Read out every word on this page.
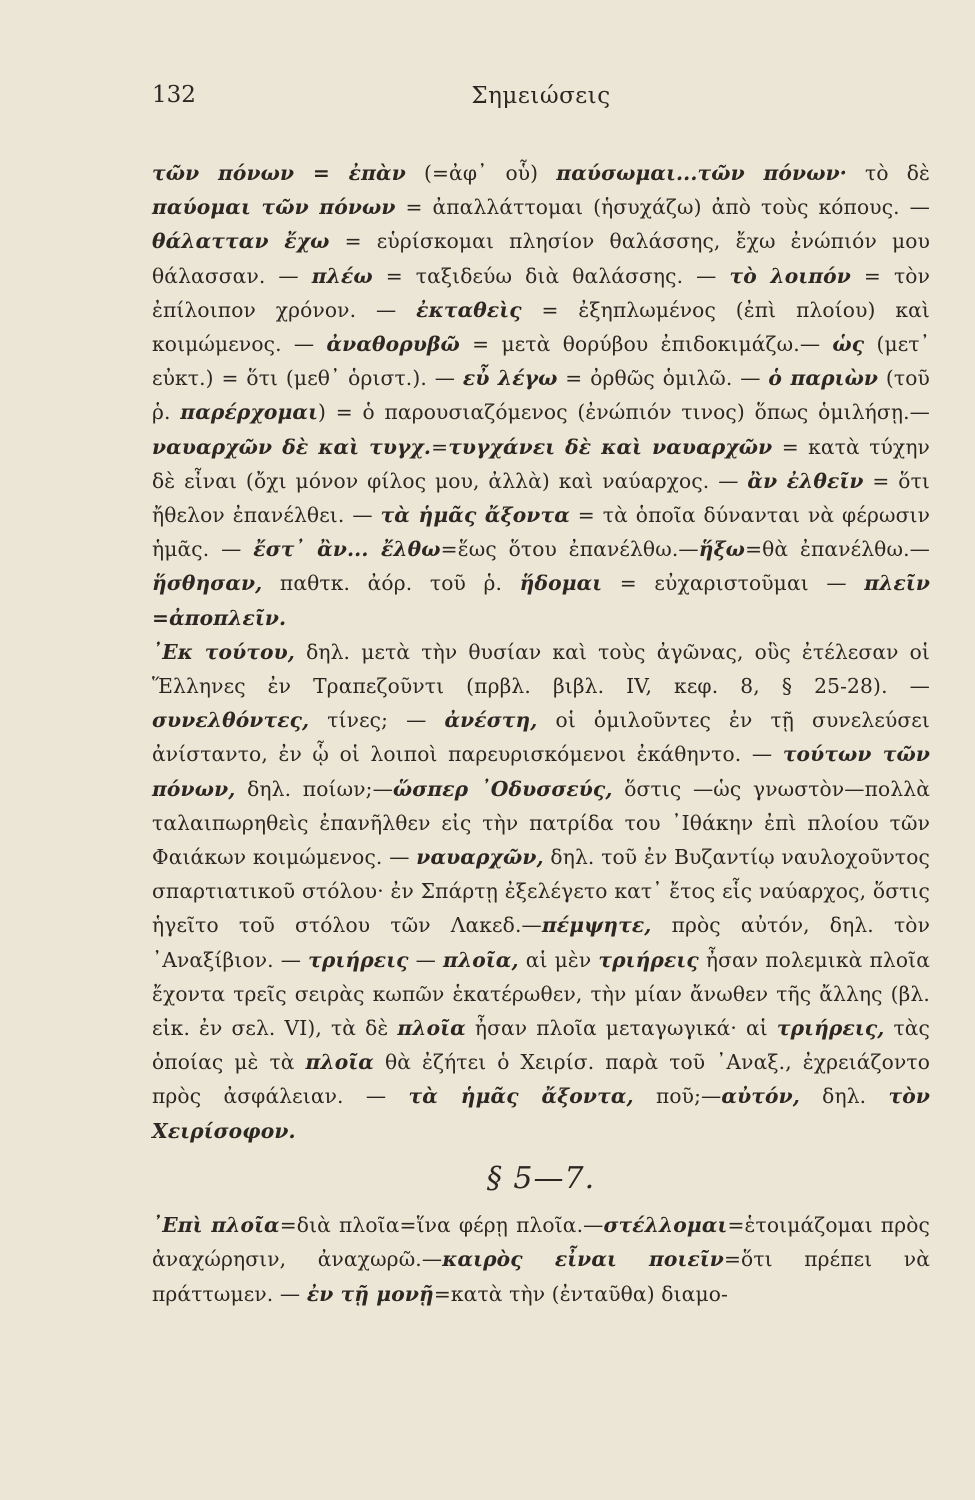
132	Σημειώσεις

τῶν πόνων = ἐπὰν (=ἀφ᾽ οὗ) παύσωμαι...τῶν πόνων· τὸ δὲ παύομαι τῶν πόνων = ἀπαλλάττομαι (ἡσυχάζω) ἀπὸ τοὺς κόπους. — θάλατταν ἔχω = εὑρίσκομαι πλησίον θαλάσσης, ἔχω ἐνώπιόν μου θάλασσαν. — πλέω = ταξιδεύω διὰ θαλάσσης. — τὸ λοιπόν = τὸν ἐπίλοιπον χρόνον. — ἐκταθεὶς = ἐξηπλωμένος (ἐπὶ πλοίου) καὶ κοιμώμενος. — ἀναθορυβῶ = μετὰ θορύβου ἐπιδοκιμάζω.— ὡς (μετ᾽ εὐκτ.) = ὅτι (μεθ᾽ ὁριστ.). — εὖ λέγω = ὀρθῶς ὁμιλῶ. — ὁ παριὼν (τοῦ ῥ. παρέρχομαι) = ὁ παρουσιαζόμενος (ἐνώπιόν τινος) ὅπως ὁμιλήσῃ.—ναυαρχῶν δὲ καὶ τυγχ.=τυγχάνει δὲ καὶ ναυαρχῶν = κατὰ τύχην δὲ εἶναι (ὄχι μόνον φίλος μου, ἀλλὰ) καὶ ναύαρχος. — ἂν ἐλθεῖν = ὅτι ἤθελον ἐπανέλθει. — τὰ ἡμᾶς ἄξοντα = τὰ ὁποῖα δύνανται νὰ φέρωσιν ἡμᾶς. — ἔστ᾽ ἂν... ἔλθω=ἕως ὅτου ἐπανέλθω.—ἥξω=θὰ ἐπανέλθω.— ἥσθησαν, παθτκ. ἀόρ. τοῦ ῥ. ἥδομαι = εὐχαριστοῦμαι — πλεῖν =ἀποπλεῖν.

᾿Εκ τούτου, δηλ. μετὰ τὴν θυσίαν καὶ τοὺς ἀγῶνας, οὓς ἐτέλεσαν οἱ Ἕλληνες ἐν Τραπεζοῦντι (πρβλ. βιβλ. IV, κεφ. 8, § 25-28). — συνελθόντες, τίνες; — ἀνέστη, οἱ ὁμιλοῦντες ἐν τῇ συνελεύσει ἀνίσταντο, ἐν ᾧ οἱ λοιποὶ παρευρισκόμενοι ἐκάθηντο. — τούτων τῶν πόνων, δηλ. ποίων;—ὥσπερ ᾿Οδυσσεύς, ὅστις —ὡς γνωστὸν—πολλὰ ταλαιπωρηθεὶς ἐπανῆλθεν εἰς τὴν πατρίδα του ᾿Ιθάκην ἐπὶ πλοίου τῶν Φαιάκων κοιμώμενος. — ναυαρχῶν, δηλ. τοῦ ἐν Βυζαντίῳ ναυλοχοῦντος σπαρτιατικοῦ στόλου· ἐν Σπάρτῃ ἐξελέγετο κατ᾽ ἔτος εἷς ναύαρχος, ὅστις ἡγεῖτο τοῦ στόλου τῶν Λακεδ.—πέμψητε, πρὸς αὐτόν, δηλ. τὸν ᾿Αναξίβιον. — τριήρεις — πλοῖα, αἱ μὲν τριήρεις ἦσαν πολεμικὰ πλοῖα ἔχοντα τρεῖς σειρὰς κωπῶν ἑκατέρωθεν, τὴν μίαν ἄνωθεν τῆς ἄλλης (βλ. εἰκ. ἐν σελ. VI), τὰ δὲ πλοῖα ἦσαν πλοῖα μεταγωγικά· αἱ τριήρεις, τὰς ὁποίας μὲ τὰ πλοῖα θὰ ἐζήτει ὁ Χειρίσ. παρὰ τοῦ ᾿Αναξ., ἐχρειάζοντο πρὸς ἀσφάλειαν. — τὰ ἡμᾶς ἄξοντα, ποῦ;—αὐτόν, δηλ. τὸν Χειρίσοφον.

§ 5—7.

᾿Επὶ πλοῖα=διὰ πλοῖα=ἵνα φέρῃ πλοῖα.—στέλλομαι=ἑτοιμάζομαι πρὸς ἀναχώρησιν, ἀναχωρῶ.—καιρὸς εἶναι ποιεῖν=ὅτι πρέπει νὰ πράττωμεν. — ἐν τῇ μονῇ=κατὰ τὴν (ἐνταῦθα) διαμο-
